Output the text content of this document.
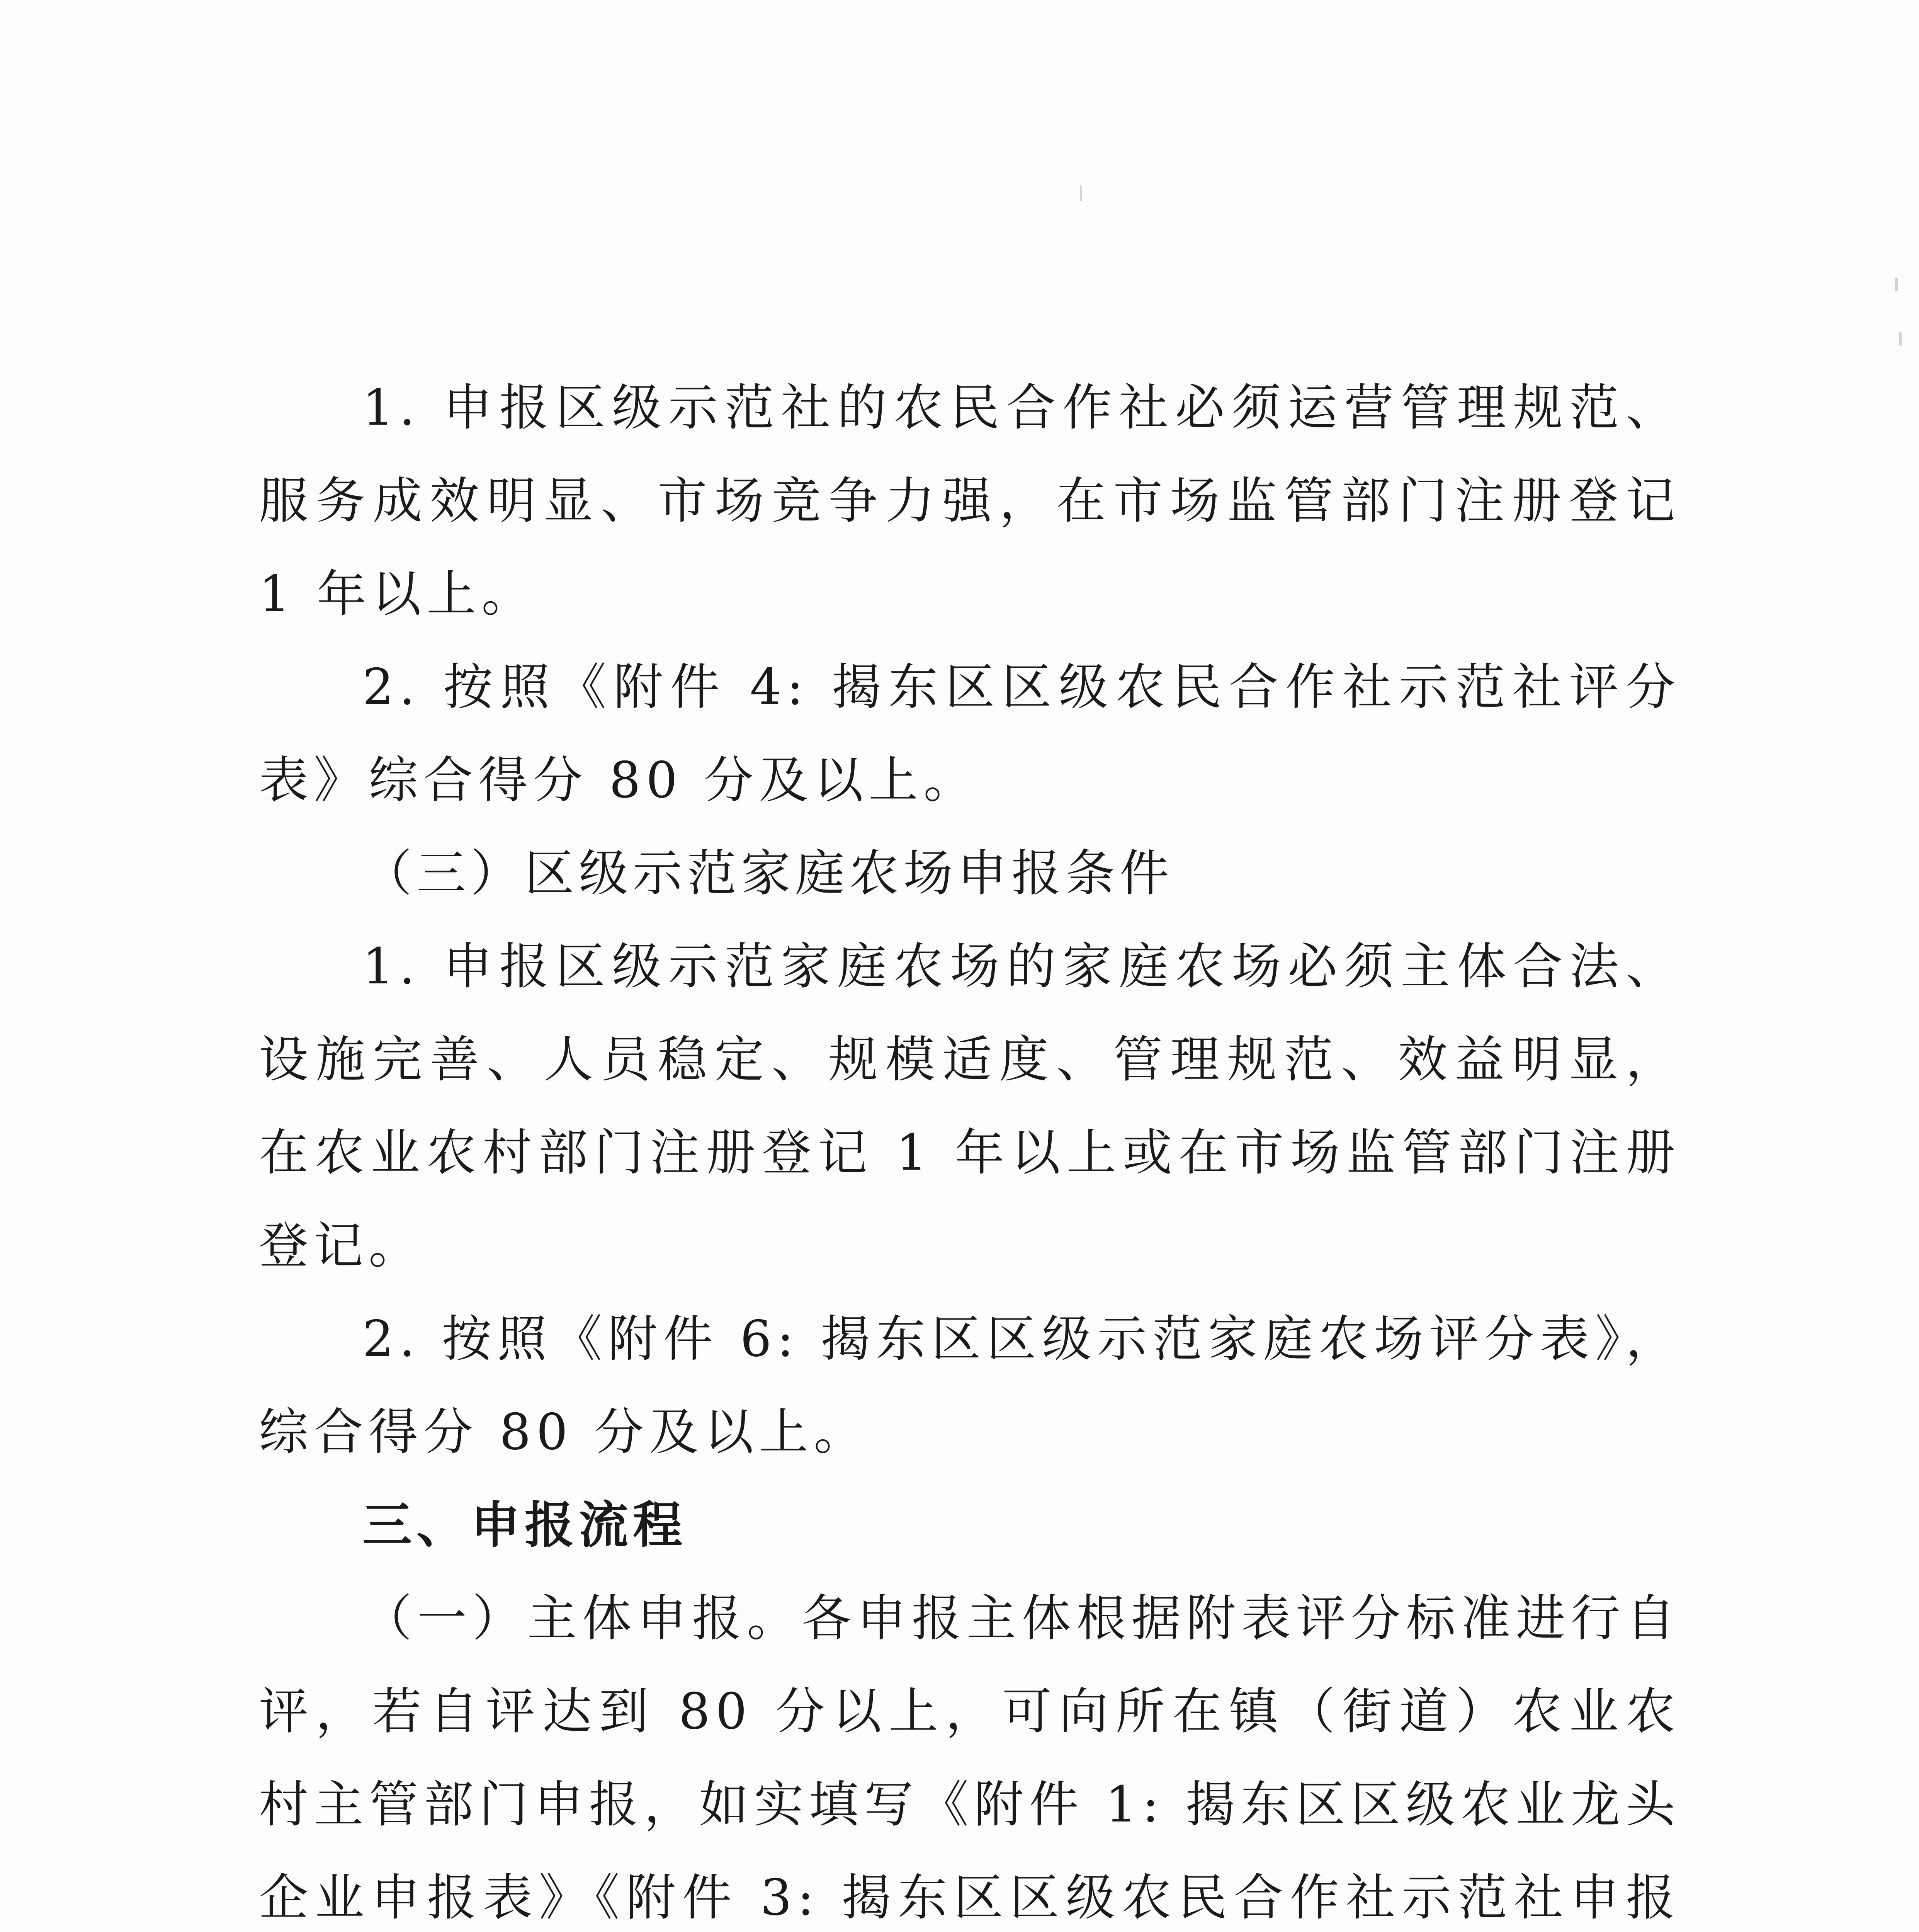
1. 申报区级示范社的农民合作社必须运营管理规范、服务成效明显、市场竞争力强，在市场监管部门注册登记 1 年以上。

2. 按照《附件 4: 揭东区区级农民合作社示范社评分表》综合得分 80 分及以上。

（三）区级示范家庭农场申报条件

1. 申报区级示范家庭农场的家庭农场必须主体合法、设施完善、人员稳定、规模适度、管理规范、效益明显，在农业农村部门注册登记 1 年以上或在市场监管部门注册登记。

2. 按照《附件 6: 揭东区区级示范家庭农场评分表》，综合得分 80 分及以上。

三、申报流程

（一）主体申报。各申报主体根据附表评分标准进行自评，若自评达到 80 分以上，可向所在镇（街道）农业农村主管部门申报，如实填写《附件 1: 揭东区区级农业龙头企业申报表》《附件 3: 揭东区区级农民合作社示范社申报
